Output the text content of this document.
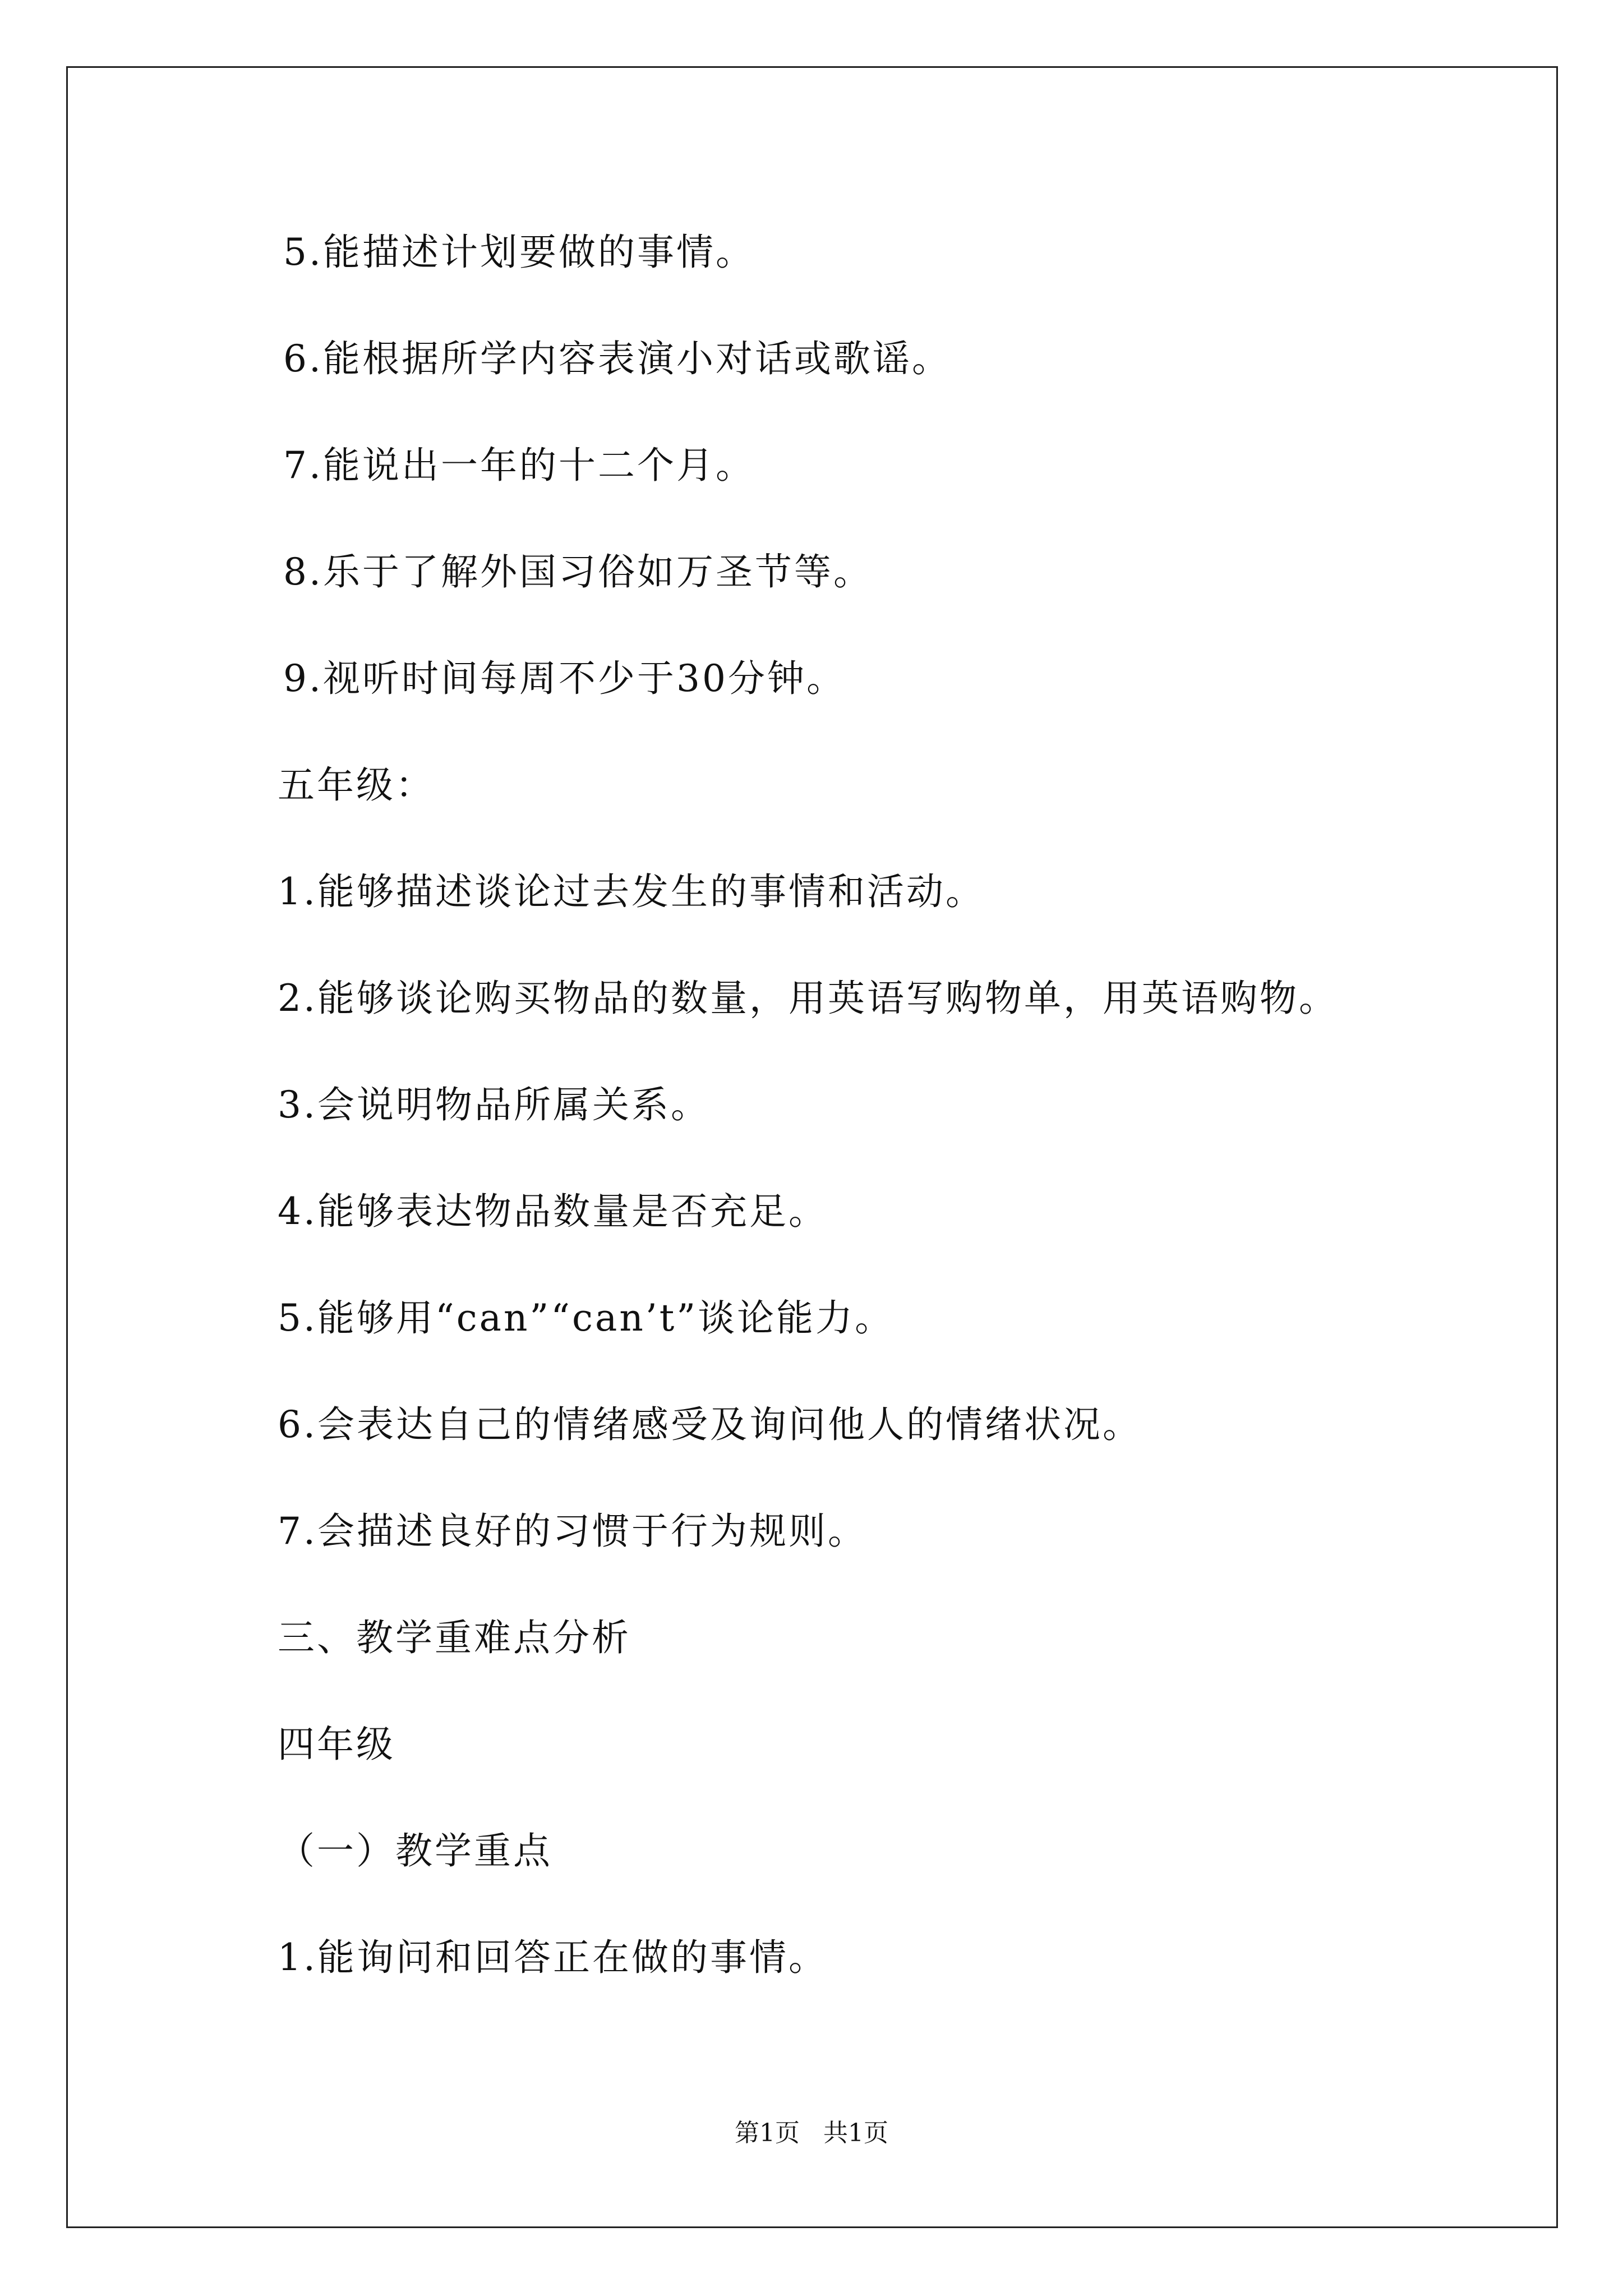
5.能描述计划要做的事情。
6.能根据所学内容表演小对话或歌谣。
7.能说出一年的十二个月。
8.乐于了解外国习俗如万圣节等。
9.视听时间每周不少于30分钟。
五年级：
1.能够描述谈论过去发生的事情和活动。
2.能够谈论购买物品的数量，用英语写购物单，用英语购物。
3.会说明物品所属关系。
4.能够表达物品数量是否充足。
5.能够用“can”“can’t”谈论能力。
6.会表达自己的情绪感受及询问他人的情绪状况。
7.会描述良好的习惯于行为规则。
三、教学重难点分析
四年级
（一）教学重点
1.能询问和回答正在做的事情。
第1页   共1页
